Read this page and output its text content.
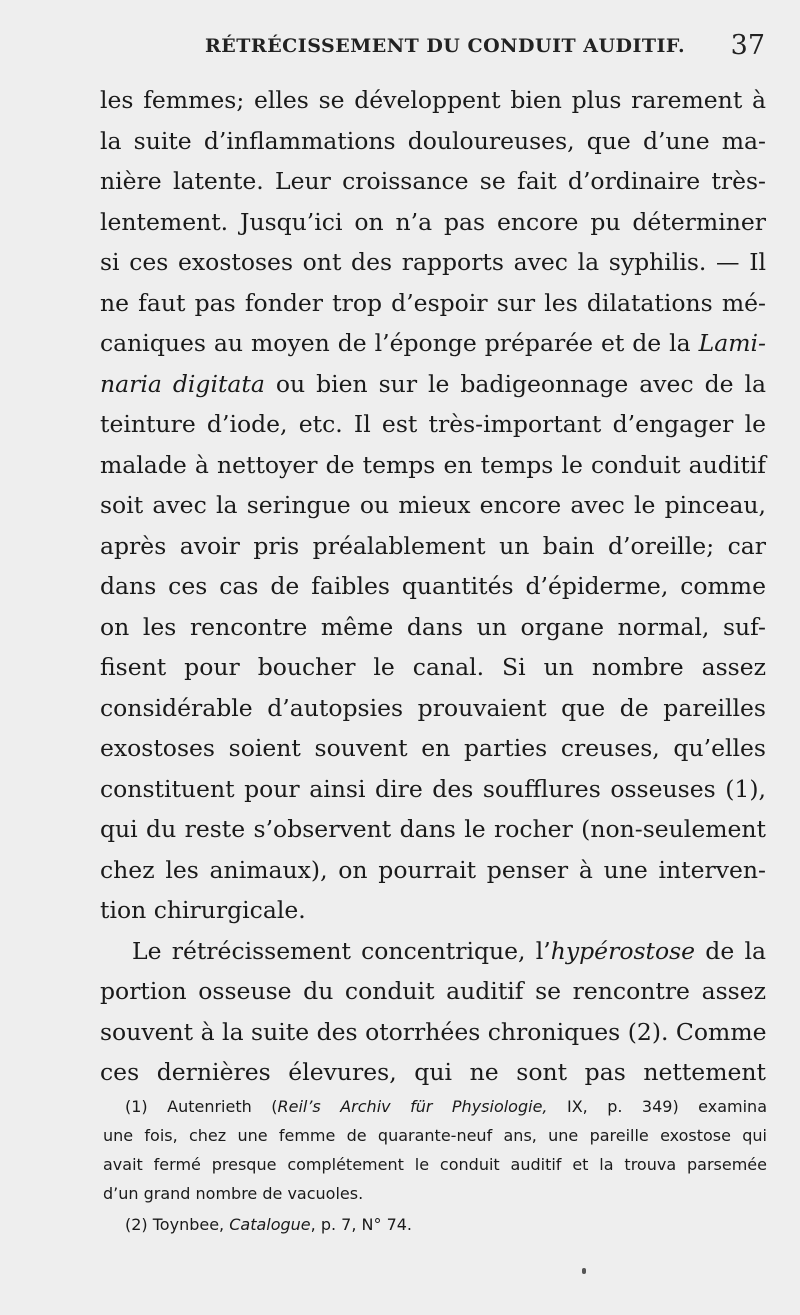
RÉTRÉCISSEMENT DU CONDUIT AUDITIF. 37
les femmes; elles se développent bien plus rarement à
la suite d’inflammations douloureuses, que d’une ma-
nière latente. Leur croissance se fait d’ordinaire très-
lentement. Jusqu’ici on n’a pas encore pu déterminer
si ces exostoses ont des rapports avec la syphilis. — Il
ne faut pas fonder trop d’espoir sur les dilatations mé-
caniques au moyen de l’éponge préparée et de la Lami-
naria digitata ou bien sur le badigeonnage avec de la
teinture d’iode, etc. Il est très-important d’engager le
malade à nettoyer de temps en temps le conduit auditif
soit avec la seringue ou mieux encore avec le pinceau,
après avoir pris préalablement un bain d’oreille; car
dans ces cas de faibles quantités d’épiderme, comme
on les rencontre même dans un organe normal, suf-
fisent pour boucher le canal. Si un nombre assez
considérable d’autopsies prouvaient que de pareilles
exostoses soient souvent en parties creuses, qu’elles
constituent pour ainsi dire des soufflures osseuses (1),
qui du reste s’observent dans le rocher (non-seulement
chez les animaux), on pourrait penser à une interven-
tion chirurgicale.
Le rétrécissement concentrique, l’hypérostose de la
portion osseuse du conduit auditif se rencontre assez
souvent à la suite des otorrhées chroniques (2). Comme
ces dernières élevures, qui ne sont pas nettement
(1) Autenrieth (Reil’s Archiv für Physiologie, IX, p. 349) examina
une fois, chez une femme de quarante-neuf ans, une pareille exostose qui
avait fermé presque complétement le conduit auditif et la trouva parsemée
d’un grand nombre de vacuoles.
(2) Toynbee, Catalogue, p. 7, N° 74.
